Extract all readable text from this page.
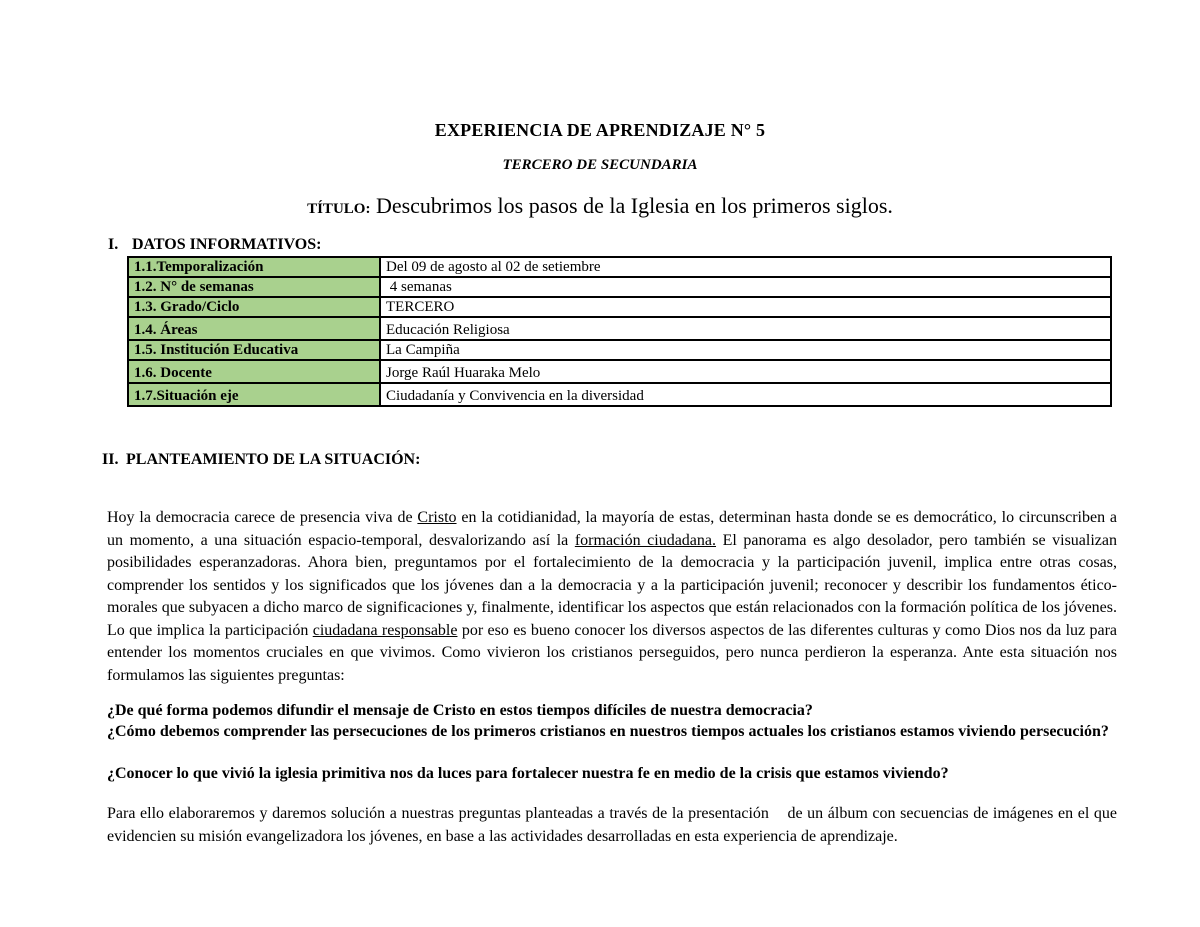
EXPERIENCIA DE APRENDIZAJE N° 5
TERCERO DE SECUNDARIA
TÍTULO: Descubrimos los pasos de la Iglesia en los primeros siglos.
I. DATOS INFORMATIVOS:
1.1.Temporalización	Del 09 de agosto al 02 de setiembre
1.2. N° de semanas	4 semanas
1.3. Grado/Ciclo	TERCERO
1.4. Áreas	Educación Religiosa
1.5. Institución Educativa	La Campiña
1.6. Docente	Jorge Raúl Huaraka Melo
1.7.Situación eje	Ciudadanía y Convivencia en la diversidad
II. PLANTEAMIENTO DE LA SITUACIÓN:
Hoy la democracia carece de presencia viva de Cristo en la cotidianidad, la mayoría de estas, determinan hasta donde se es democrático, lo circunscriben a un momento, a una situación espacio-temporal, desvalorizando así la formación ciudadana. El panorama es algo desolador, pero también se visualizan posibilidades esperanzadoras. Ahora bien, preguntamos por el fortalecimiento de la democracia y la participación juvenil, implica entre otras cosas, comprender los sentidos y los significados que los jóvenes dan a la democracia y a la participación juvenil; reconocer y describir los fundamentos ético-morales que subyacen a dicho marco de significaciones y, finalmente, identificar los aspectos que están relacionados con la formación política de los jóvenes. Lo que implica la participación ciudadana responsable por eso es bueno conocer los diversos aspectos de las diferentes culturas y como Dios nos da luz para entender los momentos cruciales en que vivimos. Como vivieron los cristianos perseguidos, pero nunca perdieron la esperanza. Ante esta situación nos formulamos las siguientes preguntas:
¿De qué forma podemos difundir el mensaje de Cristo en estos tiempos difíciles de nuestra democracia?
¿Cómo debemos comprender las persecuciones de los primeros cristianos en nuestros tiempos actuales los cristianos estamos viviendo persecución?
¿Conocer lo que vivió la iglesia primitiva nos da luces para fortalecer nuestra fe en medio de la crisis que estamos viviendo?
Para ello elaboraremos y daremos solución a nuestras preguntas planteadas a través de la presentación    de un álbum con secuencias de imágenes en el que evidencien su misión evangelizadora los jóvenes, en base a las actividades desarrolladas en esta experiencia de aprendizaje.
